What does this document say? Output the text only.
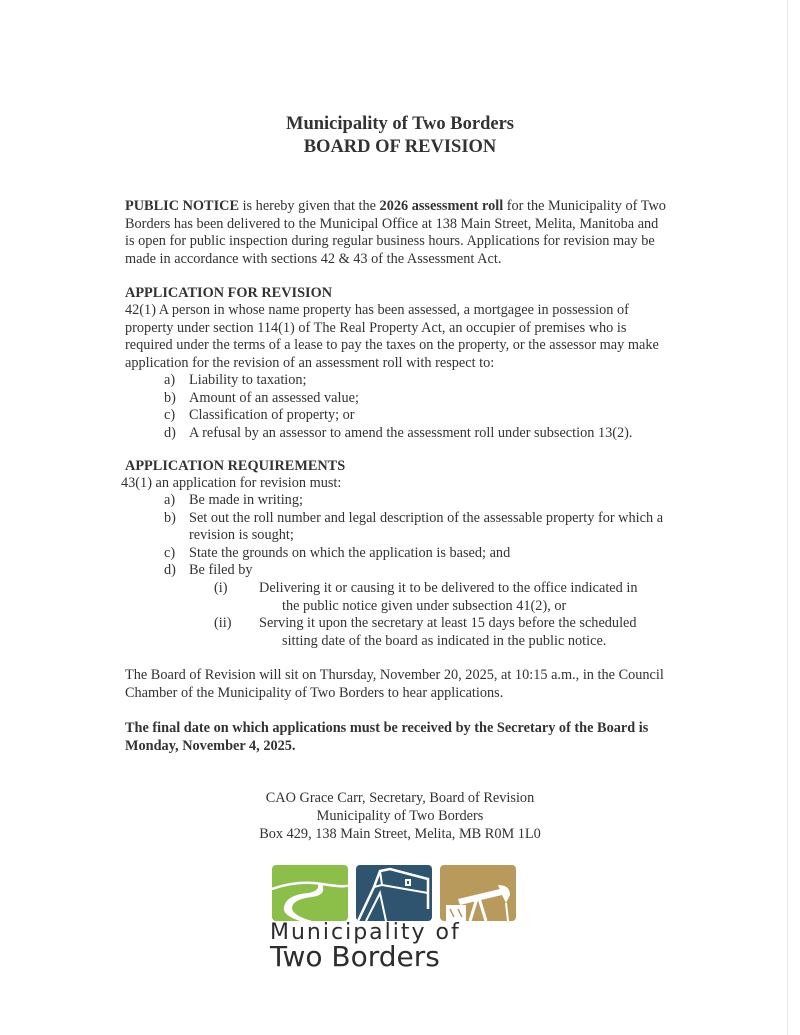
Municipality of Two Borders
BOARD OF REVISION
PUBLIC NOTICE is hereby given that the 2026 assessment roll for the Municipality of Two Borders has been delivered to the Municipal Office at 138 Main Street, Melita, Manitoba and is open for public inspection during regular business hours. Applications for revision may be made in accordance with sections 42 & 43 of the Assessment Act.
APPLICATION FOR REVISION
42(1) A person in whose name property has been assessed, a mortgagee in possession of property under section 114(1) of The Real Property Act, an occupier of premises who is required under the terms of a lease to pay the taxes on the property, or the assessor may make application for the revision of an assessment roll with respect to:
a) Liability to taxation;
b) Amount of an assessed value;
c) Classification of property; or
d) A refusal by an assessor to amend the assessment roll under subsection 13(2).
APPLICATION REQUIREMENTS
43(1) an application for revision must:
a) Be made in writing;
b) Set out the roll number and legal description of the assessable property for which a revision is sought;
c) State the grounds on which the application is based; and
d) Be filed by
(i)	Delivering it or causing it to be delivered to the office indicated in
the public notice given under subsection 41(2), or
(ii)	Serving it upon the secretary at least 15 days before the scheduled
sitting date of the board as indicated in the public notice.
The Board of Revision will sit on Thursday, November 20, 2025, at 10:15 a.m., in the Council Chamber of the Municipality of Two Borders to hear applications.
The final date on which applications must be received by the Secretary of the Board is Monday, November 4, 2025.
CAO Grace Carr, Secretary, Board of Revision
Municipality of Two Borders
Box 429, 138 Main Street, Melita, MB R0M 1L0
Municipality of
Two Borders
